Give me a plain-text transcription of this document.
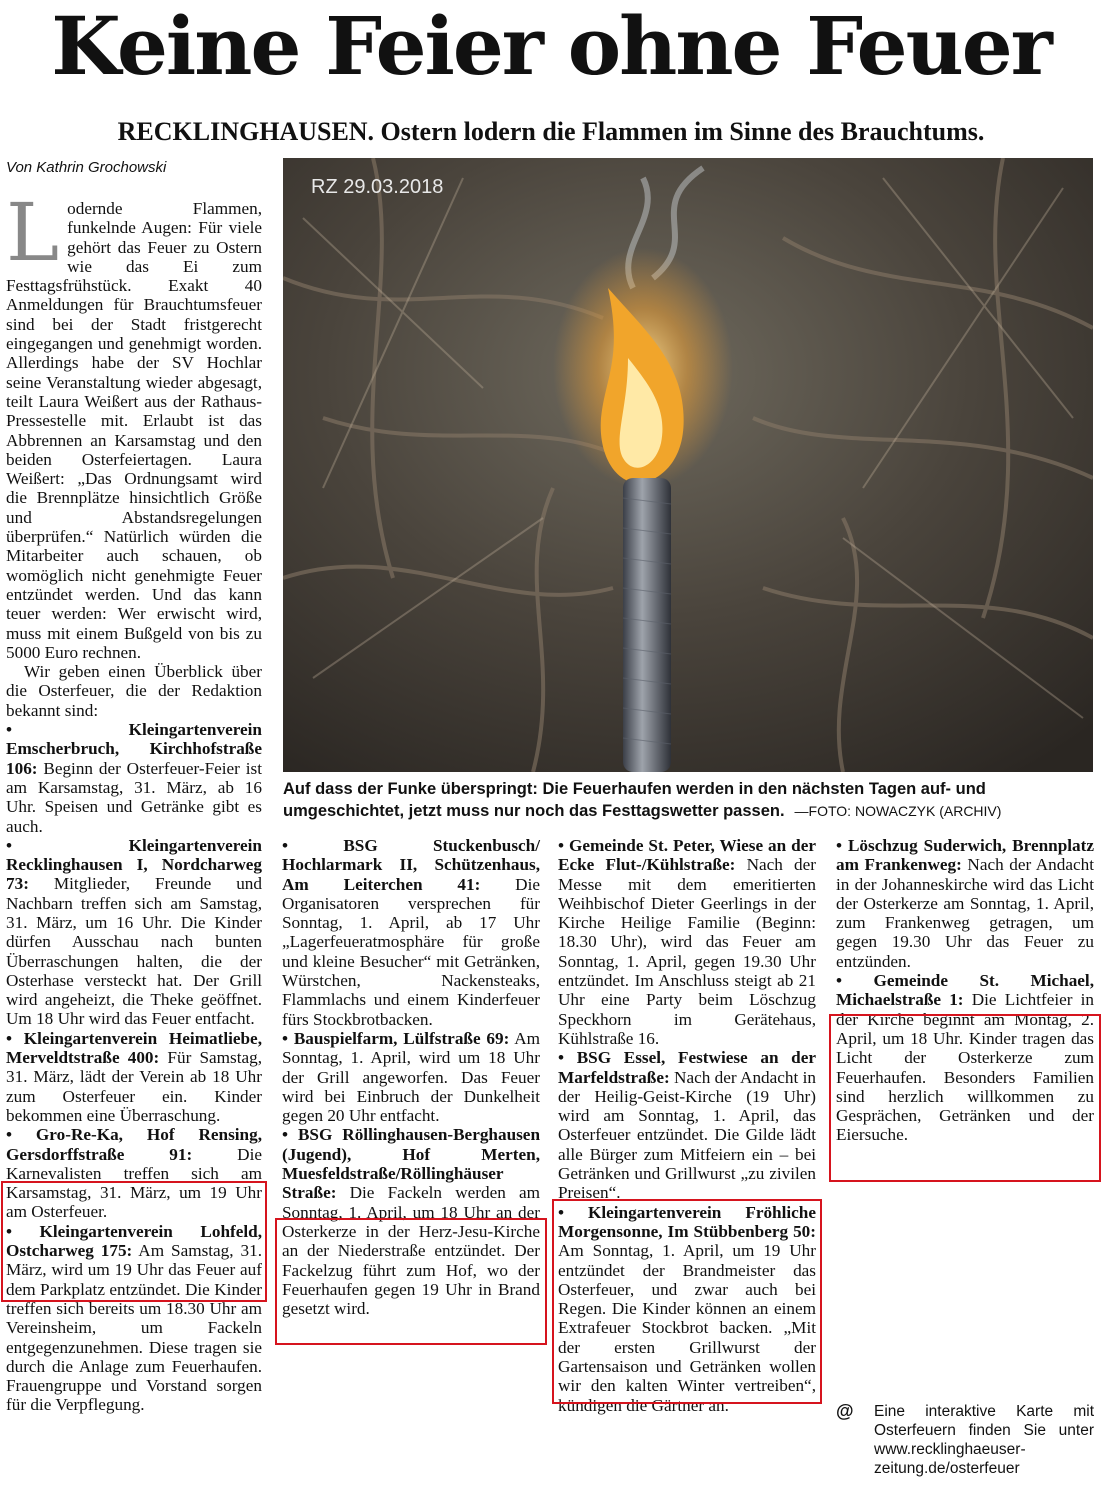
Keine Feier ohne Feuer
RECKLINGHAUSEN. Ostern lodern die Flammen im Sinne des Brauchtums.
Von Kathrin Grochowski
RZ 29.03.2018
Auf dass der Funke überspringt: Die Feuerhaufen werden in den nächsten Tagen auf- und umgeschichtet, jetzt muss nur noch das Festtagswetter passen. —FOTO: NOWACZYK (ARCHIV)

Lodernde Flammen, funkelnde Augen: Für viele gehört das Feuer zu Ostern wie das Ei zum Festtagsfrühstück. Exakt 40 Anmeldungen für Brauchtumsfeuer sind bei der Stadt fristgerecht eingegangen und genehmigt worden. Allerdings habe der SV Hochlar seine Veranstaltung wieder abgesagt, teilt Laura Weißert aus der Rathaus-Pressestelle mit. Erlaubt ist das Abbrennen an Karsamstag und den beiden Osterfeiertagen. Laura Weißert: „Das Ordnungsamt wird die Brennplätze hinsichtlich Größe und Abstandsregelungen überprüfen.“ Natürlich würden die Mitarbeiter auch schauen, ob womöglich nicht genehmigte Feuer entzündet werden. Und das kann teuer werden: Wer erwischt wird, muss mit einem Bußgeld von bis zu 5000 Euro rechnen.

Wir geben einen Überblick über die Osterfeuer, die der Redaktion bekannt sind:

• Kleingartenverein Emscherbruch, Kirchhofstraße 106: Beginn der Osterfeuer-Feier ist am Karsamstag, 31. März, ab 16 Uhr. Speisen und Getränke gibt es auch.

• Kleingartenverein Recklinghausen I, Nordcharweg 73: Mitglieder, Freunde und Nachbarn treffen sich am Samstag, 31. März, um 16 Uhr. Die Kinder dürfen Ausschau nach bunten Überraschungen halten, die der Osterhase versteckt hat. Der Grill wird angeheizt, die Theke geöffnet. Um 18 Uhr wird das Feuer entfacht.

• Kleingartenverein Heimatliebe, Merveldtstraße 400: Für Samstag, 31. März, lädt der Verein ab 18 Uhr zum Osterfeuer ein. Kinder bekommen eine Überraschung.

• Gro-Re-Ka, Hof Rensing, Gersdorffstraße 91: Die Karnevalisten treffen sich am Karsamstag, 31. März, um 19 Uhr am Osterfeuer.

• Kleingartenverein Lohfeld, Ostcharweg 175: Am Samstag, 31. März, wird um 19 Uhr das Feuer auf dem Parkplatz entzündet. Die Kinder treffen sich bereits um 18.30 Uhr am Vereinsheim, um Fackeln entgegenzunehmen. Diese tragen sie durch die Anlage zum Feuerhaufen. Frauengruppe und Vorstand sorgen für die Verpflegung.

• BSG Stuckenbusch/ Hochlarmark II, Schützenhaus, Am Leiterchen 41: Die Organisatoren versprechen für Sonntag, 1. April, ab 17 Uhr „Lagerfeueratmosphäre für große und kleine Besucher“ mit Getränken, Würstchen, Nackensteaks, Flammlachs und einem Kinderfeuer fürs Stockbrotbacken.

• Bauspielfarm, Lülfstraße 69: Am Sonntag, 1. April, wird um 18 Uhr der Grill angeworfen. Das Feuer wird bei Einbruch der Dunkelheit gegen 20 Uhr entfacht.

• BSG Röllinghausen-Berghausen (Jugend), Hof Merten, Muesfeldstraße/Röllinghäuser Straße: Die Fackeln werden am Sonntag, 1. April, um 18 Uhr an der Osterkerze in der Herz-Jesu-Kirche an der Niederstraße entzündet. Der Fackelzug führt zum Hof, wo der Feuerhaufen gegen 19 Uhr in Brand gesetzt wird.

• Gemeinde St. Peter, Wiese an der Ecke Flut-/Kühlstraße: Nach der Messe mit dem emeritierten Weihbischof Dieter Geerlings in der Kirche Heilige Familie (Beginn: 18.30 Uhr), wird das Feuer am Sonntag, 1. April, gegen 19.30 Uhr entzündet. Im Anschluss steigt ab 21 Uhr eine Party beim Löschzug Speckhorn im Gerätehaus, Kühlstraße 16.

• BSG Essel, Festwiese an der Marfeldstraße: Nach der Andacht in der Heilig-Geist-Kirche (19 Uhr) wird am Sonntag, 1. April, das Osterfeuer entzündet. Die Gilde lädt alle Bürger zum Mitfeiern ein – bei Getränken und Grillwurst „zu zivilen Preisen“.

• Kleingartenverein Fröhliche Morgensonne, Im Stübbenberg 50: Am Sonntag, 1. April, um 19 Uhr entzündet der Brandmeister das Osterfeuer, und zwar auch bei Regen. Die Kinder können an einem Extrafeuer Stockbrot backen. „Mit der ersten Grillwurst der Gartensaison und Getränken wollen wir den kalten Winter vertreiben“, kündigen die Gärtner an.

• Löschzug Suderwich, Brennplatz am Frankenweg: Nach der Andacht in der Johanneskirche wird das Licht der Osterkerze am Sonntag, 1. April, zum Frankenweg getragen, um gegen 19.30 Uhr das Feuer zu entzünden.

• Gemeinde St. Michael, Michaelstraße 1: Die Lichtfeier in der Kirche beginnt am Montag, 2. April, um 18 Uhr. Kinder tragen das Licht der Osterkerze zum Feuerhaufen. Besonders Familien sind herzlich willkommen zu Gesprächen, Getränken und der Eiersuche.

@ Eine interaktive Karte mit Osterfeuern finden Sie unter www.recklinghaeuser-zeitung.de/osterfeuer
